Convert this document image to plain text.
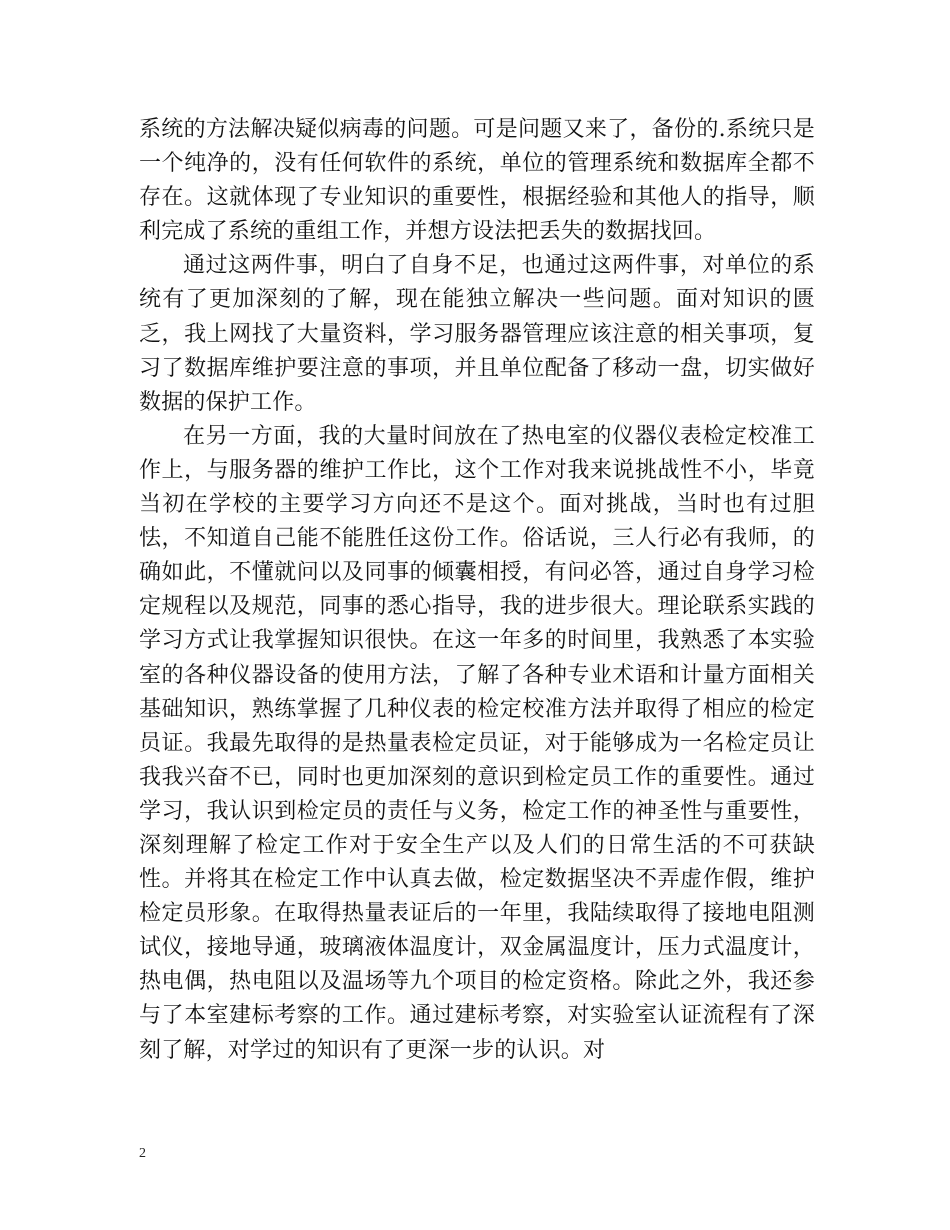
系统的方法解决疑似病毒的问题。可是问题又来了，备份的.系统只是一个纯净的，没有任何软件的系统，单位的管理系统和数据库全都不存在。这就体现了专业知识的重要性，根据经验和其他人的指导，顺利完成了系统的重组工作，并想方设法把丢失的数据找回。

通过这两件事，明白了自身不足，也通过这两件事，对单位的系统有了更加深刻的了解，现在能独立解决一些问题。面对知识的匮乏，我上网找了大量资料，学习服务器管理应该注意的相关事项，复习了数据库维护要注意的事项，并且单位配备了移动一盘，切实做好数据的保护工作。

在另一方面，我的大量时间放在了热电室的仪器仪表检定校准工作上，与服务器的维护工作比，这个工作对我来说挑战性不小，毕竟当初在学校的主要学习方向还不是这个。面对挑战，当时也有过胆怯，不知道自己能不能胜任这份工作。俗话说，三人行必有我师，的确如此，不懂就问以及同事的倾囊相授，有问必答，通过自身学习检定规程以及规范，同事的悉心指导，我的进步很大。理论联系实践的学习方式让我掌握知识很快。在这一年多的时间里，我熟悉了本实验室的各种仪器设备的使用方法，了解了各种专业术语和计量方面相关基础知识，熟练掌握了几种仪表的检定校准方法并取得了相应的检定员证。我最先取得的是热量表检定员证，对于能够成为一名检定员让我我兴奋不已，同时也更加深刻的意识到检定员工作的重要性。通过学习，我认识到检定员的责任与义务，检定工作的神圣性与重要性，深刻理解了检定工作对于安全生产以及人们的日常生活的不可获缺性。并将其在检定工作中认真去做，检定数据坚决不弄虚作假，维护检定员形象。在取得热量表证后的一年里，我陆续取得了接地电阻测试仪，接地导通，玻璃液体温度计，双金属温度计，压力式温度计，热电偶，热电阻以及温场等九个项目的检定资格。除此之外，我还参与了本室建标考察的工作。通过建标考察，对实验室认证流程有了深刻了解，对学过的知识有了更深一步的认识。对

2
